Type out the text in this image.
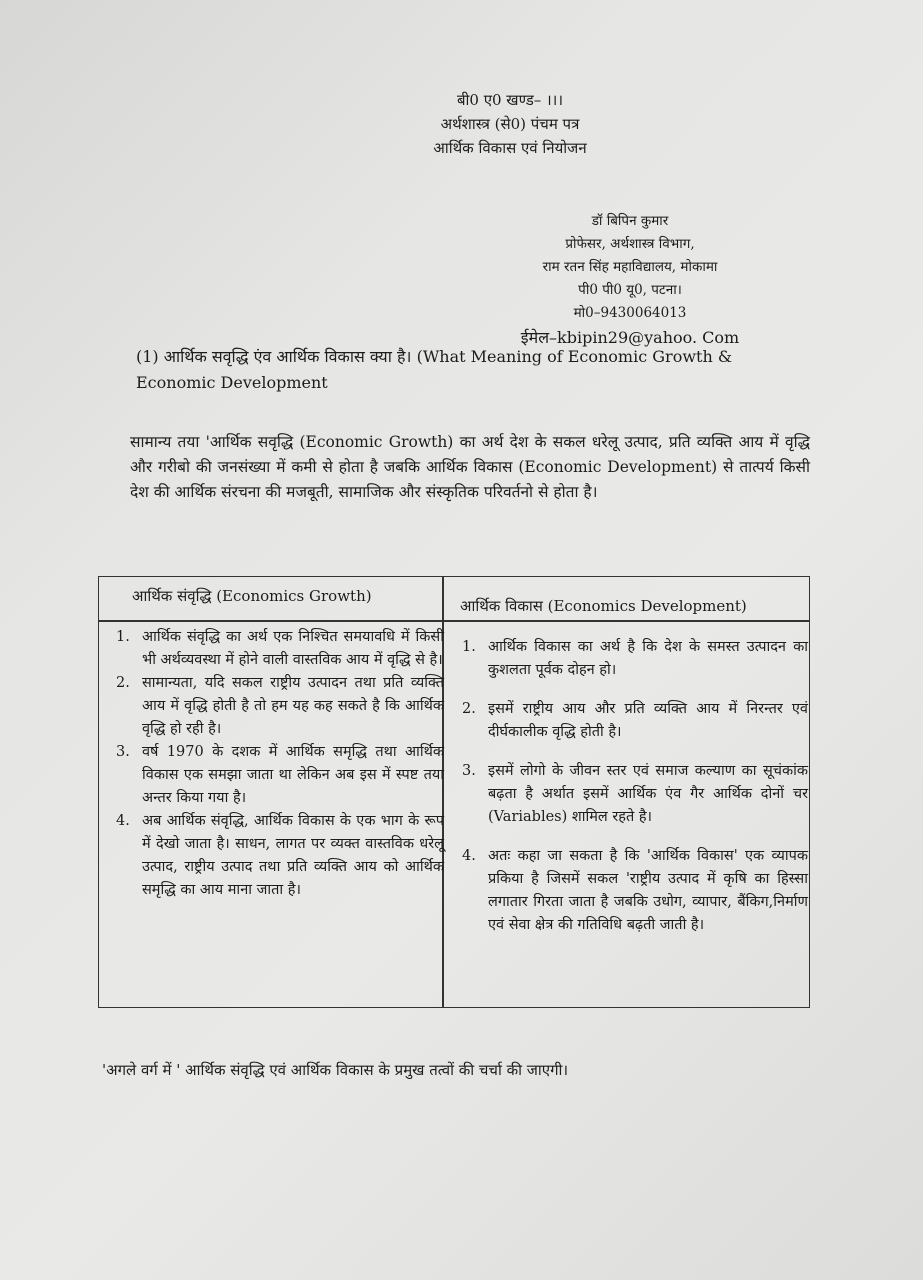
बी0 ए0 खण्ड– ।।।
अर्थशास्त्र (से0) पंचम पत्र
आर्थिक विकास एवं नियोजन
डॉ बिपिन कुमार
प्रोफेसर, अर्थशास्त्र विभाग,
राम रतन सिंह महाविद्यालय, मोकामा
पी0 पी0 यू0, पटना।
मो0–9430064013
ईमेल–kbipin29@yahoo. Com
(1) आर्थिक सवृद्धि एंव आर्थिक विकास क्या है। (What Meaning of Economic Growth & Economic Development
सामान्य तया 'आर्थिक सवृद्धि (Economic Growth) का अर्थ देश के सकल धरेलू उत्पाद, प्रति व्यक्ति आय में वृद्धि और गरीबो की जनसंख्या में कमी से होता है जबकि आर्थिक विकास (Economic Development) से तात्पर्य किसी देश की आर्थिक संरचना की मजबूती, सामाजिक और संस्कृतिक परिवर्तनो से होता है।
आर्थिक संवृद्धि (Economics Growth)
आर्थिक विकास (Economics Development)
1. आर्थिक संवृद्धि का अर्थ एक निश्चित समयावधि में किसी भी अर्थव्यवस्था में होने वाली वास्तविक आय में वृद्धि से है।
2. सामान्यता, यदि सकल राष्ट्रीय उत्पादन तथा प्रति व्यक्ति आय में वृद्धि होती है तो हम यह कह सकते है कि आर्थिक वृद्धि हो रही है।
3. वर्ष 1970 के दशक में आर्थिक समृद्धि तथा आर्थिक विकास एक समझा जाता था लेकिन अब इस में स्पष्ट तया अन्तर किया गया है।
4. अब आर्थिक संवृद्धि, आर्थिक विकास के एक भाग के रूप में देखो जाता है। साधन, लागत पर व्यक्त वास्तविक धरेलू उत्पाद, राष्ट्रीय उत्पाद तथा प्रति व्यक्ति आय को आर्थिक समृद्धि का आय माना जाता है।
1. आर्थिक विकास का अर्थ है कि देश के समस्त उत्पादन का कुशलता पूर्वक दोहन हो।
2. इसमें राष्ट्रीय आय और प्रति व्यक्ति आय में निरन्तर एवं दीर्घकालीक वृद्धि होती है।
3. इसमें लोगो के जीवन स्तर एवं समाज कल्याण का सूचंकांक बढ़ता है अर्थात इसमें आर्थिक एंव गैर आर्थिक दोनों चर (Variables) शामिल रहते है।
4. अतः कहा जा सकता है कि 'आर्थिक विकास' एक व्यापक प्रकिया है जिसमें सकल 'राष्ट्रीय उत्पाद में कृषि का हिस्सा लगातार गिरता जाता है जबकि उधोग, व्यापार, बैंकिग,निर्माण एवं सेवा क्षेत्र की गतिविधि बढ़ती जाती है।
'अगले वर्ग में ' आर्थिक संवृद्धि एवं आर्थिक विकास के प्रमुख तत्वों की चर्चा की जाएगी।
